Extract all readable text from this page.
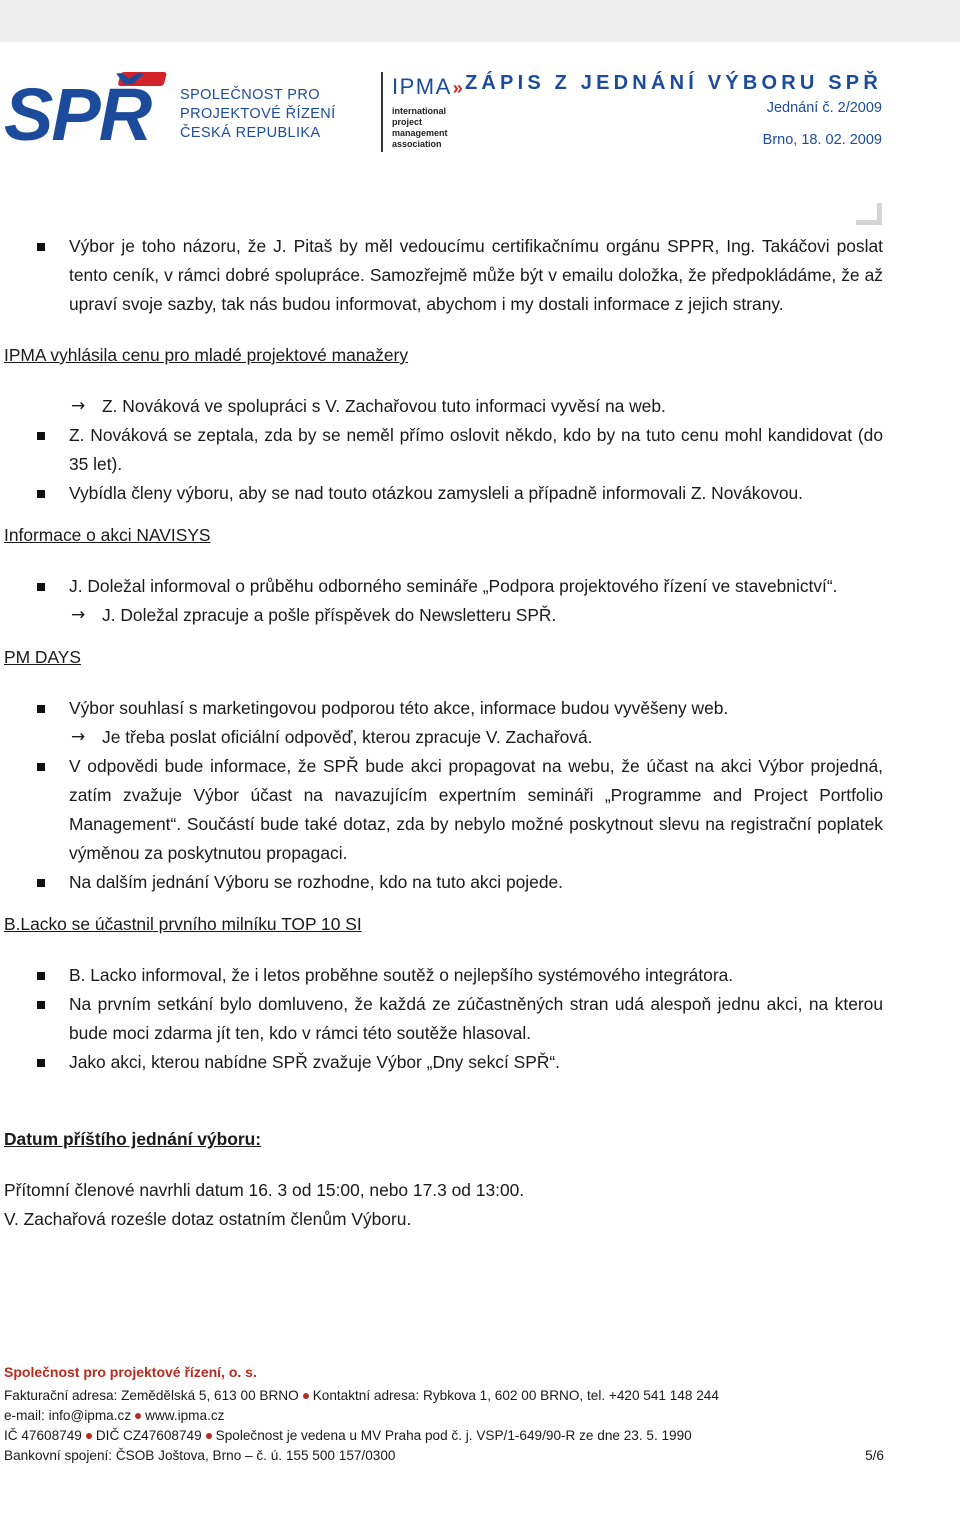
SPŘ SPOLEČNOST PRO
PROJEKTOVÉ ŘÍZENÍ
ČESKÁ REPUBLIKA
IPMA»
international
project
management
association
ZÁPIS Z JEDNÁNÍ VÝBORU SPŘ
Jednání č. 2/2009
Brno, 18. 02. 2009
Výbor je toho názoru, že J. Pitaš by měl vedoucímu certifikačnímu orgánu SPPR, Ing. Takáčovi poslat tento ceník, v rámci dobré spolupráce. Samozřejmě může být v emailu doložka, že předpokládáme, že až upraví svoje sazby, tak nás budou informovat, abychom i my dostali informace z jejich strany.
IPMA vyhlásila cenu pro mladé projektové manažery
→ Z. Nováková ve spolupráci s V. Zachařovou tuto informaci vyvěsí na web.
Z. Nováková se zeptala, zda by se neměl přímo oslovit někdo, kdo by na tuto cenu mohl kandidovat (do 35 let).
Vybídla členy výboru, aby se nad touto otázkou zamysleli a případně informovali Z. Novákovou.
Informace o akci NAVISYS
J. Doležal informoval o průběhu odborného semináře „Podpora projektového řízení ve stavebnictví“.
→ J. Doležal zpracuje a pošle příspěvek do Newsletteru SPŘ.
PM DAYS
Výbor souhlasí s marketingovou podporou této akce, informace budou vyvěšeny web.
→ Je třeba poslat oficiální odpověď, kterou zpracuje V. Zachařová.
V odpovědi bude informace, že SPŘ bude akci propagovat na webu, že účast na akci Výbor projedná, zatím zvažuje Výbor účast na navazujícím expertním semináři „Programme and Project Portfolio Management“. Součástí bude také dotaz, zda by nebylo možné poskytnout slevu na registrační poplatek výměnou za poskytnutou propagaci.
Na dalším jednání Výboru se rozhodne, kdo na tuto akci pojede.
B.Lacko se účastnil prvního milníku TOP 10 SI
B. Lacko informoval, že i letos proběhne soutěž o nejlepšího systémového integrátora.
Na prvním setkání bylo domluveno, že každá ze zúčastněných stran udá alespoň jednu akci, na kterou bude moci zdarma jít ten, kdo v rámci této soutěže hlasoval.
Jako akci, kterou nabídne SPŘ zvažuje Výbor „Dny sekcí SPŘ“.
Datum příštího jednání výboru:
Přítomní členové navrhli datum 16. 3 od 15:00, nebo 17.3 od 13:00.
V. Zachařová roześle dotaz ostatním členům Výboru.
Společnost pro projektové řízení, o. s.
Fakturační adresa: Zemědělská 5, 613 00 BRNO Kontaktní adresa: Rybkova 1, 602 00 BRNO, tel. +420 541 148 244
e-mail: info@ipma.cz www.ipma.cz
IČ 47608749 DIČ CZ47608749 Společnost je vedena u MV Praha pod č. j. VSP/1-649/90-R ze dne 23. 5. 1990
Bankovní spojení: ČSOB Joštova, Brno – č. ú. 155 500 157/0300	5/6
